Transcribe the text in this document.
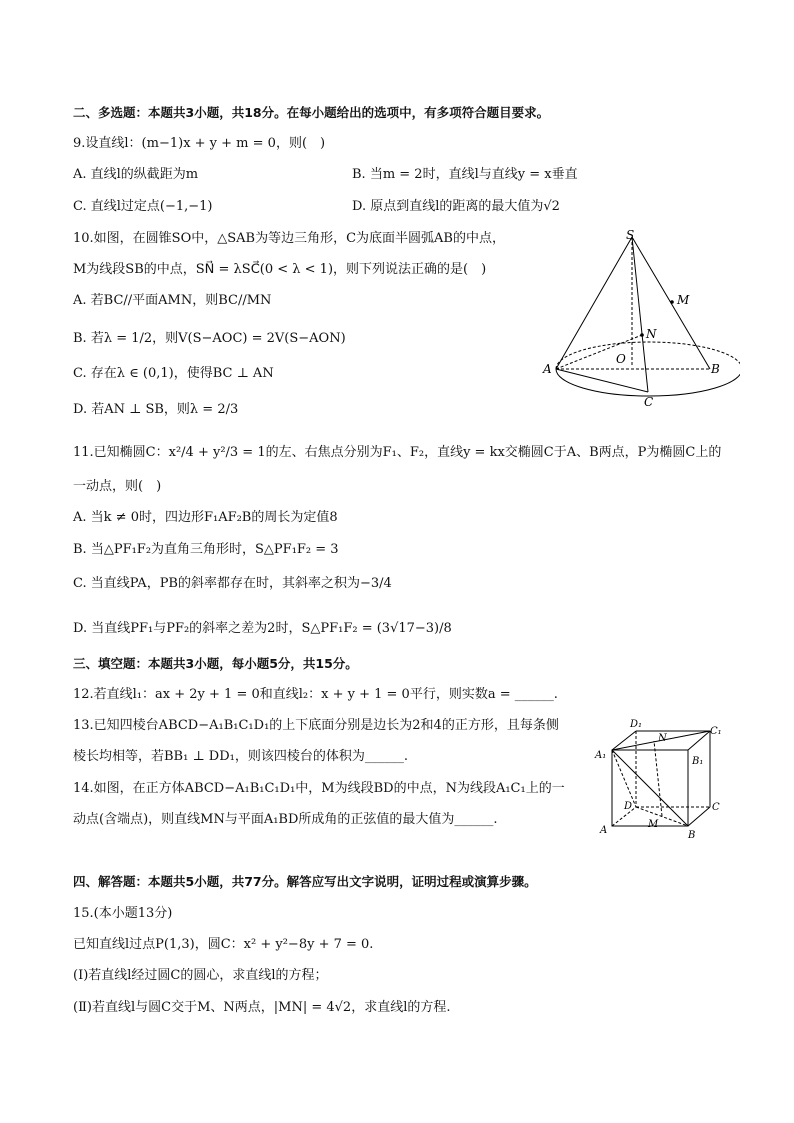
二、多选题：本题共3小题，共18分。在每小题给出的选项中，有多项符合题目要求。
9.设直线l：(m−1)x + y + m = 0，则(　)
A. 直线l的纵截距为m	B. 当m = 2时，直线l与直线y = x垂直
C. 直线l过定点(−1,−1)	D. 原点到直线l的距离的最大值为√2
10.如图，在圆锥SO中，△SAB为等边三角形，C为底面半圆弧AB的中点，
M为线段SB的中点，SN⃗ = λSC⃗(0 < λ < 1)，则下列说法正确的是(　)
A. 若BC//平面AMN，则BC//MN
B. 若λ = 1/2，则V(S−AOC) = 2V(S−AON)
C. 存在λ ∈ (0,1)，使得BC ⊥ AN
D. 若AN ⊥ SB，则λ = 2/3
S
M
N
O
A	B
C
11.已知椭圆C：x²/4 + y²/3 = 1的左、右焦点分别为F₁、F₂，直线y = kx交椭圆C于A、B两点，P为椭圆C上的
一动点，则(　)
A. 当k ≠ 0时，四边形F₁AF₂B的周长为定值8
B. 当△PF₁F₂为直角三角形时，S△PF₁F₂ = 3
C. 当直线PA，PB的斜率都存在时，其斜率之积为−3/4
D. 当直线PF₁与PF₂的斜率之差为2时，S△PF₁F₂ = (3√17−3)/8
三、填空题：本题共3小题，每小题5分，共15分。
12.若直线l₁：ax + 2y + 1 = 0和直线l₂：x + y + 1 = 0平行，则实数a = ______.
13.已知四棱台ABCD−A₁B₁C₁D₁的上下底面分别是边长为2和4的正方形，且每条侧
棱长均相等，若BB₁ ⊥ DD₁，则该四棱台的体积为______.
14.如图，在正方体ABCD−A₁B₁C₁D₁中，M为线段BD的中点，N为线段A₁C₁上的一
动点(含端点)，则直线MN与平面A₁BD所成角的正弦值的最大值为______.
D₁
C₁
A₁
B₁
N
D	C
M
A	B
四、解答题：本题共5小题，共77分。解答应写出文字说明，证明过程或演算步骤。
15.(本小题13分)
已知直线l过点P(1,3)，圆C：x² + y²−8y + 7 = 0.
(Ⅰ)若直线l经过圆C的圆心，求直线l的方程；
(Ⅱ)若直线l与圆C交于M、N两点，|MN| = 4√2，求直线l的方程.
